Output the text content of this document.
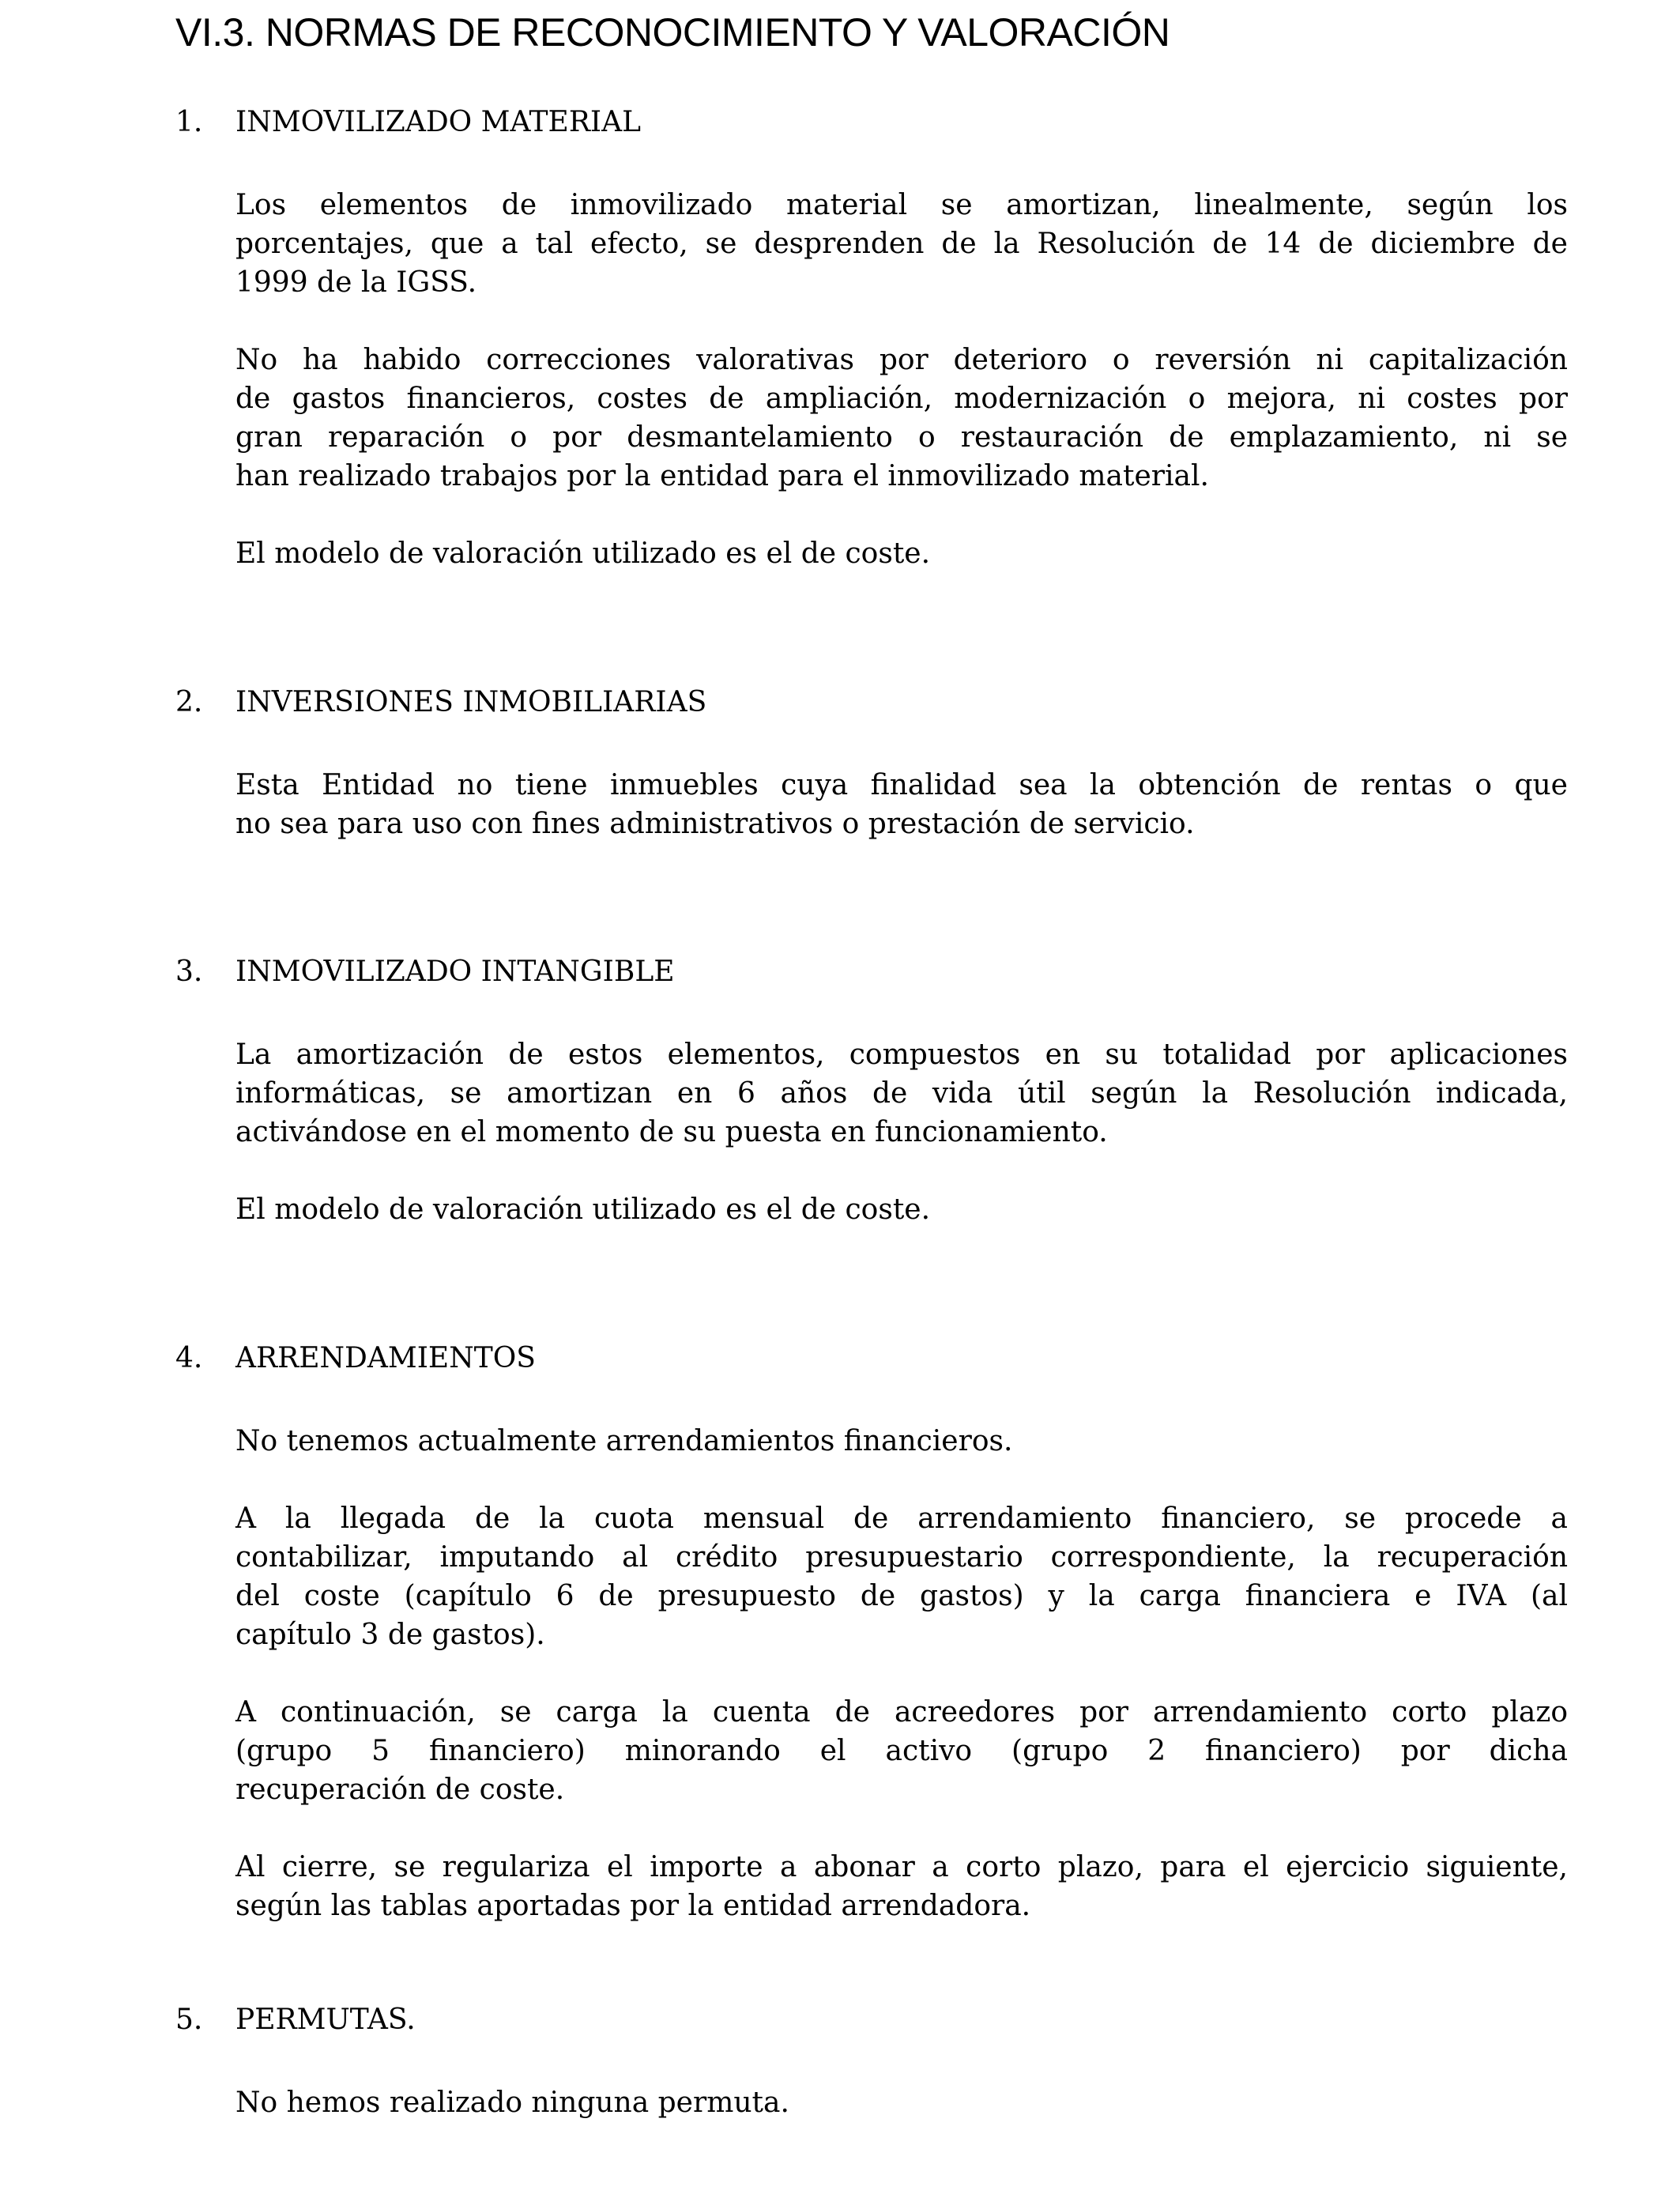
VI.3. NORMAS DE RECONOCIMIENTO Y VALORACIÓN
1. INMOVILIZADO MATERIAL
Los elementos de inmovilizado material se amortizan, linealmente, según los
porcentajes, que a tal efecto, se desprenden de la Resolución de 14 de diciembre de
1999 de la IGSS.
No ha habido correcciones valorativas por deterioro o reversión ni capitalización
de gastos financieros, costes de ampliación, modernización o mejora, ni costes por
gran reparación o por desmantelamiento o restauración de emplazamiento, ni se
han realizado trabajos por la entidad para el inmovilizado material.
El modelo de valoración utilizado es el de coste.
2. INVERSIONES INMOBILIARIAS
Esta Entidad no tiene inmuebles cuya finalidad sea la obtención de rentas o que
no sea para uso con fines administrativos o prestación de servicio.
3. INMOVILIZADO INTANGIBLE
La amortización de estos elementos, compuestos en su totalidad por aplicaciones
informáticas, se amortizan en 6 años de vida útil según la Resolución indicada,
activándose en el momento de su puesta en funcionamiento.
El modelo de valoración utilizado es el de coste.
4. ARRENDAMIENTOS
No tenemos actualmente arrendamientos financieros.
A la llegada de la cuota mensual de arrendamiento financiero, se procede a
contabilizar, imputando al crédito presupuestario correspondiente, la recuperación
del coste (capítulo 6 de presupuesto de gastos) y la carga financiera e IVA (al
capítulo 3 de gastos).
A continuación, se carga la cuenta de acreedores por arrendamiento corto plazo
(grupo 5 financiero) minorando el activo (grupo 2 financiero) por dicha
recuperación de coste.
Al cierre, se regulariza el importe a abonar a corto plazo, para el ejercicio siguiente,
según las tablas aportadas por la entidad arrendadora.
5. PERMUTAS.
No hemos realizado ninguna permuta.
